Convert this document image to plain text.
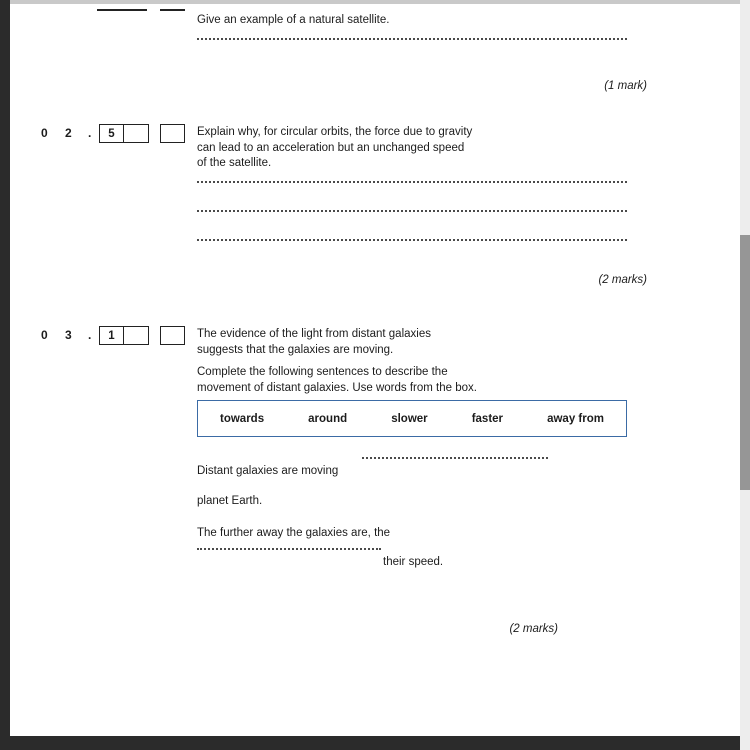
Give an example of a natural satellite.
(1 mark)
0 2 .	5	Explain why, for circular orbits, the force due to gravity
can lead to an acceleration but an unchanged speed
of the satellite.
(2 marks)
0 3 .	1	The evidence of the light from distant galaxies
suggests that the galaxies are moving.
Complete the following sentences to describe the
movement of distant galaxies. Use words from the box.
towards	around	slower	faster	away from
Distant galaxies are moving
planet Earth.
The further away the galaxies are, the
their speed.
(2 marks)
